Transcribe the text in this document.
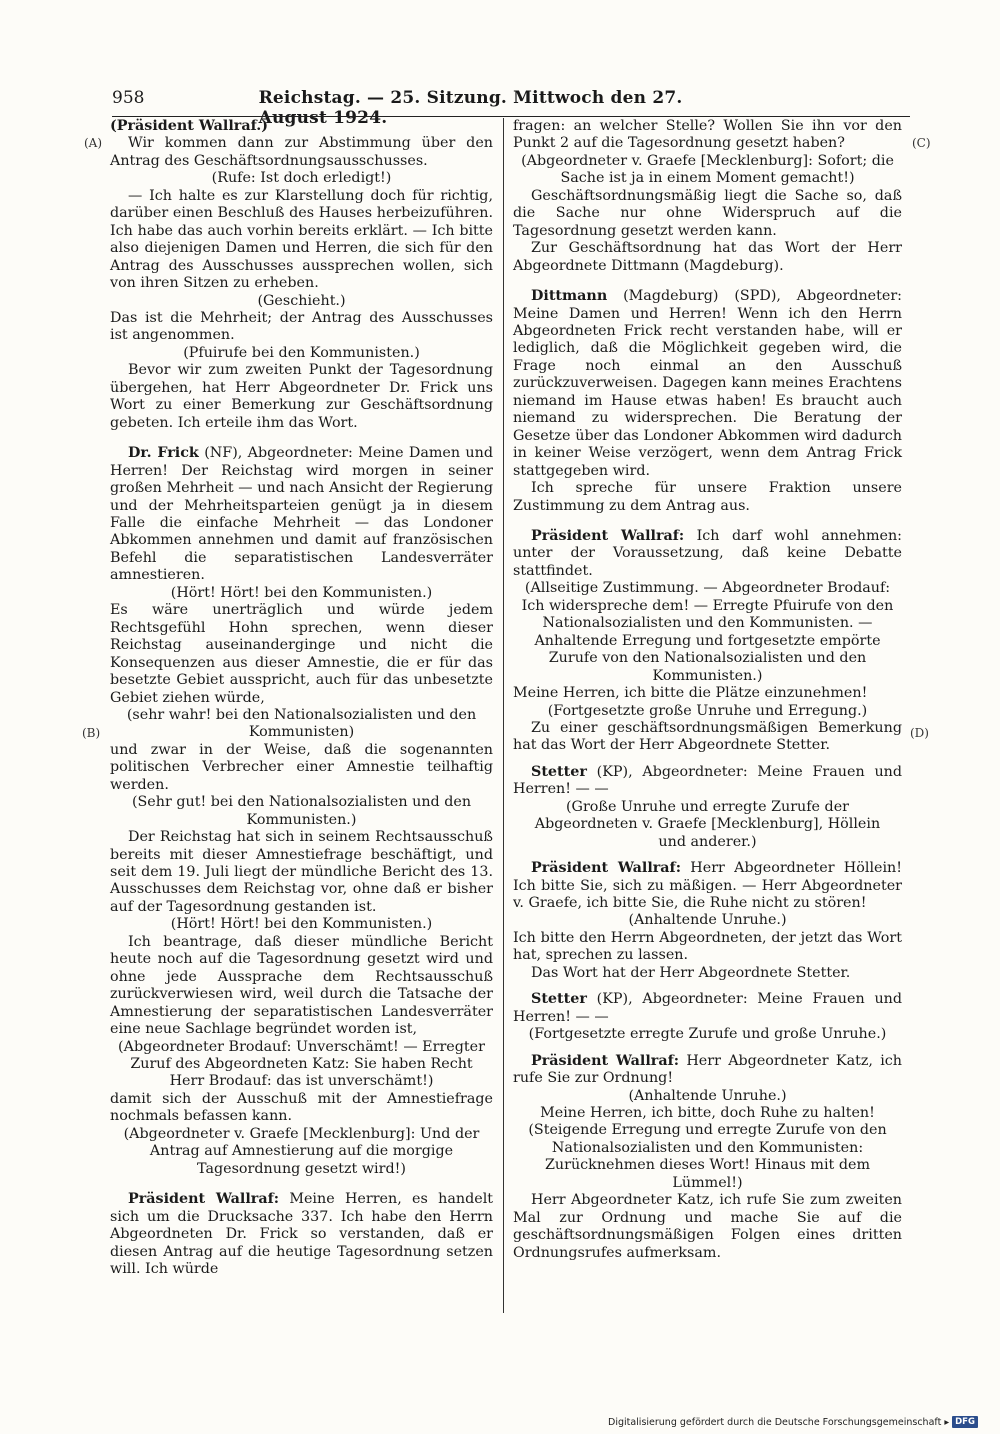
958	Reichstag. — 25. Sitzung. Mittwoch den 27. August 1924.
(A)
(B)
(C)
(D)

(Präsident Wallraf.)

Wir kommen dann zur Abstimmung über den Antrag des Geschäftsordnungsausschusses.

(Rufe: Ist doch erledigt!)

— Ich halte es zur Klarstellung doch für richtig, darüber einen Beschluß des Hauses herbeizuführen. Ich habe das auch vorhin bereits erklärt. — Ich bitte also diejenigen Damen und Herren, die sich für den Antrag des Ausschusses aussprechen wollen, sich von ihren Sitzen zu erheben.

(Geschieht.)

Das ist die Mehrheit; der Antrag des Ausschusses ist angenommen.

(Pfuirufe bei den Kommunisten.)

Bevor wir zum zweiten Punkt der Tagesordnung übergehen, hat Herr Abgeordneter Dr. Frick uns Wort zu einer Bemerkung zur Geschäftsordnung gebeten. Ich erteile ihm das Wort.

Dr. Frick (NF), Abgeordneter: Meine Damen und Herren! Der Reichstag wird morgen in seiner großen Mehrheit — und nach Ansicht der Regierung und der Mehrheitsparteien genügt ja in diesem Falle die einfache Mehrheit — das Londoner Abkommen annehmen und damit auf französischen Befehl die separatistischen Landesverräter amnestieren.

(Hört! Hört! bei den Kommunisten.)

Es wäre unerträglich und würde jedem Rechtsgefühl Hohn sprechen, wenn dieser Reichstag auseinanderginge und nicht die Konsequenzen aus dieser Amnestie, die er für das besetzte Gebiet ausspricht, auch für das unbesetzte Gebiet ziehen würde,

(sehr wahr! bei den Nationalsozialisten und den Kommunisten)

und zwar in der Weise, daß die sogenannten politischen Verbrecher einer Amnestie teilhaftig werden.

(Sehr gut! bei den Nationalsozialisten und den Kommunisten.)

Der Reichstag hat sich in seinem Rechtsausschuß bereits mit dieser Amnestiefrage beschäftigt, und seit dem 19. Juli liegt der mündliche Bericht des 13. Ausschusses dem Reichstag vor, ohne daß er bisher auf der Tagesordnung gestanden ist.

(Hört! Hört! bei den Kommunisten.)

Ich beantrage, daß dieser mündliche Bericht heute noch auf die Tagesordnung gesetzt wird und ohne jede Aussprache dem Rechtsausschuß zurückverwiesen wird, weil durch die Tatsache der Amnestierung der separatistischen Landesverräter eine neue Sachlage begründet worden ist,

(Abgeordneter Brodauf: Unverschämt! — Erregter Zuruf des Abgeordneten Katz: Sie haben Recht Herr Brodauf: das ist unverschämt!)

damit sich der Ausschuß mit der Amnestiefrage nochmals befassen kann.

(Abgeordneter v. Graefe [Mecklenburg]: Und der Antrag auf Amnestierung auf die morgige Tagesordnung gesetzt wird!)

Präsident Wallraf: Meine Herren, es handelt sich um die Drucksache 337. Ich habe den Herrn Abgeordneten Dr. Frick so verstanden, daß er diesen Antrag auf die heutige Tagesordnung setzen will. Ich würde

fragen: an welcher Stelle? Wollen Sie ihn vor den Punkt 2 auf die Tagesordnung gesetzt haben?

(Abgeordneter v. Graefe [Mecklenburg]: Sofort; die Sache ist ja in einem Moment gemacht!)

Geschäftsordnungsmäßig liegt die Sache so, daß die Sache nur ohne Widerspruch auf die Tagesordnung gesetzt werden kann.

Zur Geschäftsordnung hat das Wort der Herr Abgeordnete Dittmann (Magdeburg).

Dittmann (Magdeburg) (SPD), Abgeordneter: Meine Damen und Herren! Wenn ich den Herrn Abgeordneten Frick recht verstanden habe, will er lediglich, daß die Möglichkeit gegeben wird, die Frage noch einmal an den Ausschuß zurückzuverweisen. Dagegen kann meines Erachtens niemand im Hause etwas haben! Es braucht auch niemand zu widersprechen. Die Beratung der Gesetze über das Londoner Abkommen wird dadurch in keiner Weise verzögert, wenn dem Antrag Frick stattgegeben wird.

Ich spreche für unsere Fraktion unsere Zustimmung zu dem Antrag aus.

Präsident Wallraf: Ich darf wohl annehmen: unter der Voraussetzung, daß keine Debatte stattfindet.

(Allseitige Zustimmung. — Abgeordneter Brodauf: Ich widerspreche dem! — Erregte Pfuirufe von den Nationalsozialisten und den Kommunisten. — Anhaltende Erregung und fortgesetzte empörte Zurufe von den Nationalsozialisten und den Kommunisten.)

Meine Herren, ich bitte die Plätze einzunehmen!

(Fortgesetzte große Unruhe und Erregung.)

Zu einer geschäftsordnungsmäßigen Bemerkung hat das Wort der Herr Abgeordnete Stetter.

Stetter (KP), Abgeordneter: Meine Frauen und Herren! — —

(Große Unruhe und erregte Zurufe der Abgeordneten v. Graefe [Mecklenburg], Höllein und anderer.)

Präsident Wallraf: Herr Abgeordneter Höllein! Ich bitte Sie, sich zu mäßigen. — Herr Abgeordneter v. Graefe, ich bitte Sie, die Ruhe nicht zu stören!

(Anhaltende Unruhe.)

Ich bitte den Herrn Abgeordneten, der jetzt das Wort hat, sprechen zu lassen.

Das Wort hat der Herr Abgeordnete Stetter.

Stetter (KP), Abgeordneter: Meine Frauen und Herren! — —

(Fortgesetzte erregte Zurufe und große Unruhe.)

Präsident Wallraf: Herr Abgeordneter Katz, ich rufe Sie zur Ordnung!

(Anhaltende Unruhe.)

Meine Herren, ich bitte, doch Ruhe zu halten!

(Steigende Erregung und erregte Zurufe von den Nationalsozialisten und den Kommunisten: Zurücknehmen dieses Wort! Hinaus mit dem Lümmel!)

Herr Abgeordneter Katz, ich rufe Sie zum zweiten Mal zur Ordnung und mache Sie auf die geschäftsordnungsmäßigen Folgen eines dritten Ordnungsrufes aufmerksam.

Digitalisierung gefördert durch die Deutsche Forschungsgemeinschaft ▸ DFG
